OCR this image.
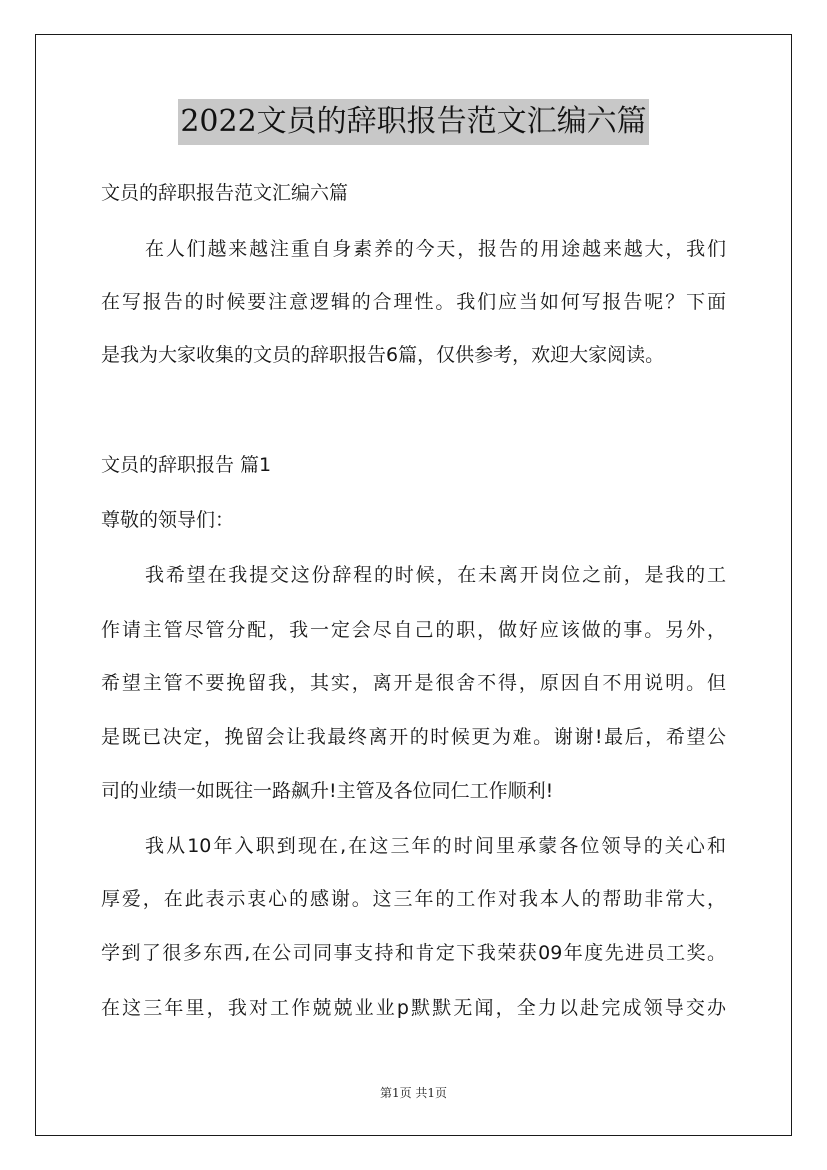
2022文员的辞职报告范文汇编六篇
文员的辞职报告范文汇编六篇
在人们越来越注重自身素养的今天，报告的用途越来越大，我们
在写报告的时候要注意逻辑的合理性。我们应当如何写报告呢？下面
是我为大家收集的文员的辞职报告6篇，仅供参考，欢迎大家阅读。
文员的辞职报告 篇1
尊敬的领导们：
我希望在我提交这份辞程的时候，在未离开岗位之前，是我的工
作请主管尽管分配，我一定会尽自己的职，做好应该做的事。另外，
希望主管不要挽留我，其实，离开是很舍不得，原因自不用说明。但
是既已决定，挽留会让我最终离开的时候更为难。谢谢!最后，希望公
司的业绩一如既往一路飙升!主管及各位同仁工作顺利!
我从10年入职到现在,在这三年的时间里承蒙各位领导的关心和
厚爱，在此表示衷心的感谢。这三年的工作对我本人的帮助非常大，
学到了很多东西,在公司同事支持和肯定下我荣获09年度先进员工奖。
在这三年里，我对工作兢兢业业p默默无闻，全力以赴完成领导交办
第1页 共1页
